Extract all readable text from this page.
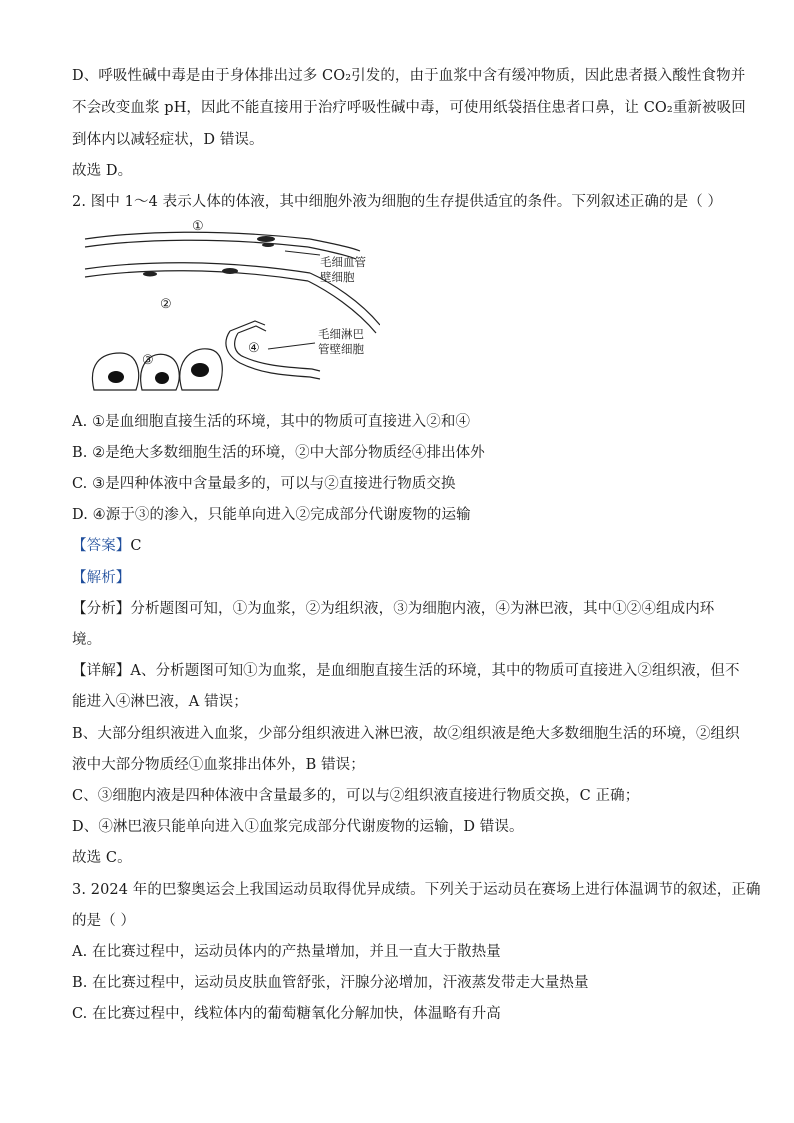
D、呼吸性碱中毒是由于身体排出过多 CO₂引发的，由于血浆中含有缓冲物质，因此患者摄入酸性食物并
不会改变血浆 pH，因此不能直接用于治疗呼吸性碱中毒，可使用纸袋捂住患者口鼻，让 CO₂重新被吸回
到体内以减轻症状，D 错误。
故选 D。
2. 图中 1～4 表示人体的体液，其中细胞外液为细胞的生存提供适宜的条件。下列叙述正确的是（ ）
①
②
③
④
毛细血管
壁细胞
毛细淋巴
管壁细胞
A. ①是血细胞直接生活的环境，其中的物质可直接进入②和④
B. ②是绝大多数细胞生活的环境，②中大部分物质经④排出体外
C. ③是四种体液中含量最多的，可以与②直接进行物质交换
D. ④源于③的渗入，只能单向进入②完成部分代谢废物的运输
【答案】C
【解析】
【分析】分析题图可知，①为血浆，②为组织液，③为细胞内液，④为淋巴液，其中①②④组成内环
境。
【详解】A、分析题图可知①为血浆，是血细胞直接生活的环境，其中的物质可直接进入②组织液，但不
能进入④淋巴液，A 错误；
B、大部分组织液进入血浆，少部分组织液进入淋巴液，故②组织液是绝大多数细胞生活的环境，②组织
液中大部分物质经①血浆排出体外，B 错误；
C、③细胞内液是四种体液中含量最多的，可以与②组织液直接进行物质交换，C 正确；
D、④淋巴液只能单向进入①血浆完成部分代谢废物的运输，D 错误。
故选 C。
3. 2024 年的巴黎奥运会上我国运动员取得优异成绩。下列关于运动员在赛场上进行体温调节的叙述，正确
的是（ ）
A. 在比赛过程中，运动员体内的产热量增加，并且一直大于散热量
B. 在比赛过程中，运动员皮肤血管舒张，汗腺分泌增加，汗液蒸发带走大量热量
C. 在比赛过程中，线粒体内的葡萄糖氧化分解加快，体温略有升高
